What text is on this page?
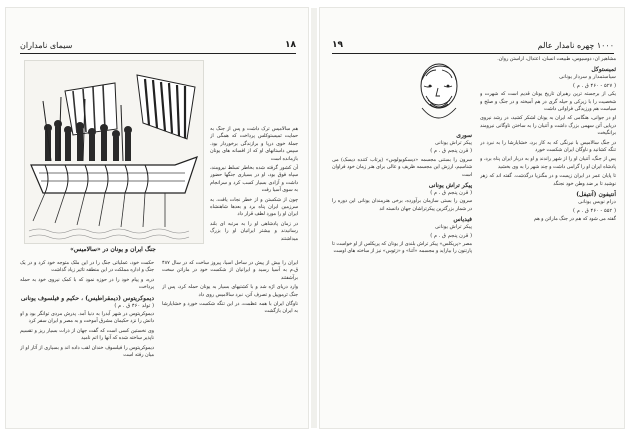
۱۸
سیمای نامداران
جنگ ایران و یونان در «سالامیس»

هم سالامیس ترک داشت و پس از جنگ به حمایت ثمیستوکلس پرداخت که همگی از جملهٔ خوی دریا و برازندگی برخوردار بود. سپس داستانهای او که از افسانه های یونان بازمانده است

آن کشور گرفته شده بخاطر تسلط نیرومند، سپاه فوق بود، او در بسیاری جنگها حضور داشت و آزادی بسیار کسب کرد و سرانجام به سوی آسیا رفت

چون از شکستن و از خطر نجات یافت، به سرزمین ایران پناه برد و بعدها شاهنشاه ایران او را مورد لطف قرار داد

در زمان پادشاهی او را به مرتبه ای بلند رسانیدند و بیشتر ایرانیان او را بزرگ میداشتند

ایران را بیش از پیش در ساحل آسیا، پیروز ساخت که در سال ۴۸۷ ق.م به آسیا رسید و ایرانیان از شکست خود در ماراتن سخت برآشفتند

وارد دریای اژه شد و با کشتیهای بسیار به یونان حمله کرد، پس از جنگ ثرموپیل و تصرف آتن، نبرد سالامیس روی داد

ناوگان ایران با همه عظمت، در این تنگه شکست خورد و خشایارشا به ایران بازگشت

حکمت خود، عملیاتی جنگ را در این ملک متوجه خود کرد و در یک جنگ و اداره مملکت در این منطقه تاثیر زیاد گذاشت

دره، و پیام خود را در حوزه نمود که با کمک نیروی خود به حمله پرداخت

دیموکریتوس (دیمقراطیس) ، حکیم و فیلسوف یونانی
( تولد ۴۶۰ ق . م )

دیموکریتوس در شهر آبدرا به دنیا آمد. پدرش مردی توانگر بود و او دانش را نزد حکیمان مشرق آموخت و به مصر و ایران سفر کرد

وی نخستین کسی است که گفت جهان از ذرات بسیار ریز و تقسیم ناپذیر ساخته شده که آنها را اتم نامید

دیموکریتوس را فیلسوف خندان لقب داده اند و بسیاری از آثار او از میان رفته است

۱۰۰۰ چهره نامدار عالم
۱۹

مشاهیر آن: دوسیوس، طبیعت انسان، اعتدال، آراستن روان.

ثمیستوکل
سیاستمدار و سردار یونانی
( ۵۲۷ - ۴۶۰ ق . م )

یکی از برجسته ترین رهبران تاریخ یونان قدیم است که شهرت و شخصیت را با زیرکی و حیله گری در هم آمیخته و در جنگ و صلح و سیاست هم ورزیدگی فراوانی داشت

او در جوانی، هنگامی که ایران به یونان لشکر کشید، در رشد نیروی دریایی آتن سهمی بزرگ داشت و آتنیان را به ساختن ناوگانی نیرومند برانگیخت

در جنگ سالامیس با نیرنگی که به کار برد، خشایارشا را به نبرد در تنگه کشانید و ناوگان ایران شکست خورد

پس از جنگ، آتنیان او را از شهر راندند و او به دربار ایران پناه برد، و پادشاه ایران او را گرامی داشت و چند شهر را به وی بخشید

تا پایان عمر در ایران زیست و در مگنزیا درگذشت. گفته اند که زهر نوشید تا بر ضد وطن خود نجنگد

آنتیفون (آنتیفل)
درام نویس یونانی
( ۵۵۲ - ۴۶۰ ق . م )

گفته می شود که هم در جنگ ماراتن و هم

سوری
پیکر تراش یونانی
( قرن پنجم ق . م )

سرون را بستنی مجسمه «دیسکوبولوس» (پرتاب کننده دیسک) می شناسیم، ارزش این مجسمه ظریف و عالی برای هنر زمان خود فراوان است

پیکر تراش یونانی
( قرن پنجم ق . م )

سرون را بستی سازمان برآورده، برخی هنرمندان یونانی این دوره را در شمار بزرگترین پیکرتراشان جهان دانسته اند

فیدیاس
پیکر تراش یونانی
( قرن پنجم ق . م )

مصر «پریکلس» پیکر تراش بلندی از یونان که پریکلس از او خواست تا پارتنون را بیاراید و مجسمه «آتنا» و «زئوس» نیز از ساخته های اوست
